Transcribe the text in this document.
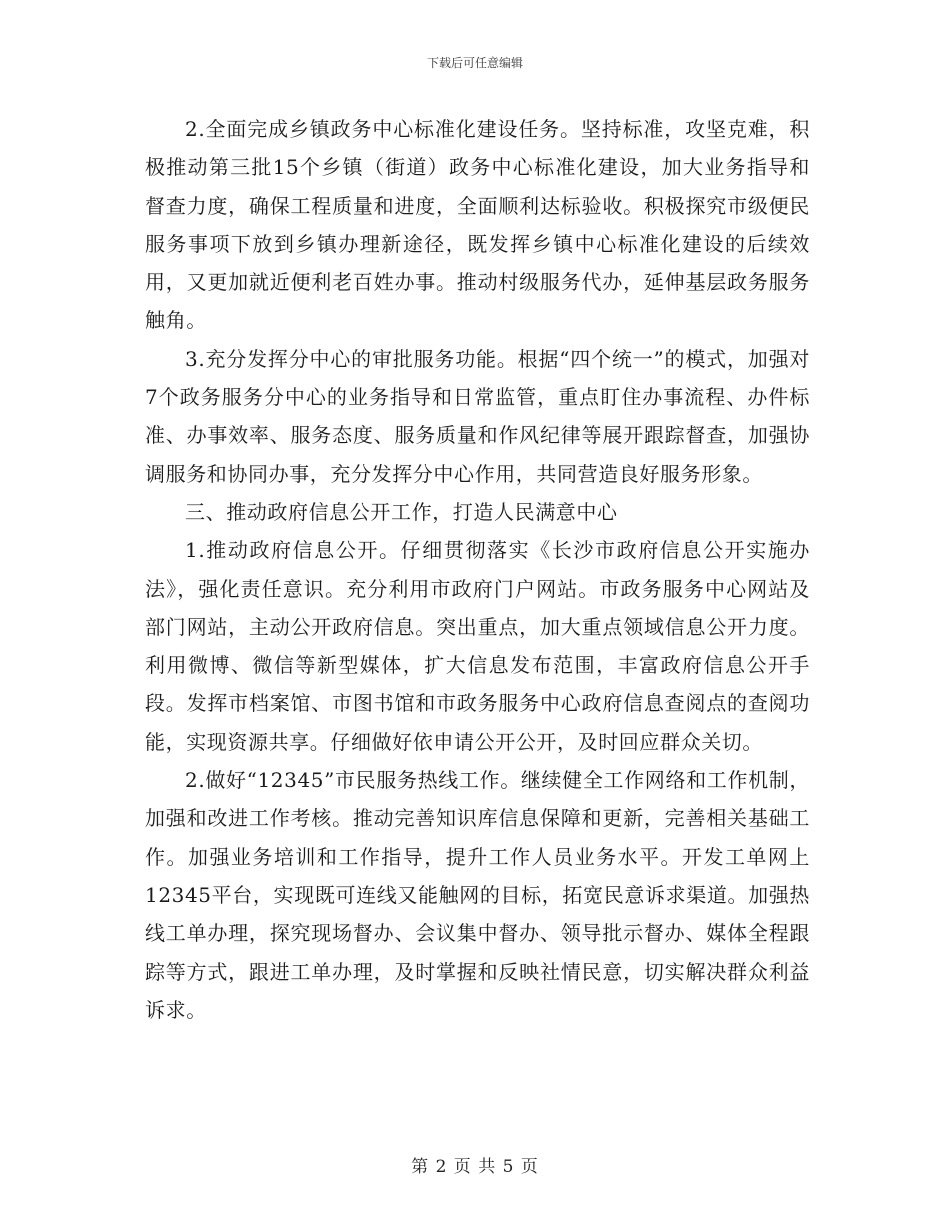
下载后可任意编辑

2.全面完成乡镇政务中心标准化建设任务。坚持标准，攻坚克难，积极推动第三批15个乡镇（街道）政务中心标准化建设，加大业务指导和督查力度，确保工程质量和进度，全面顺利达标验收。积极探究市级便民服务事项下放到乡镇办理新途径，既发挥乡镇中心标准化建设的后续效用，又更加就近便利老百姓办事。推动村级服务代办，延伸基层政务服务触角。

3.充分发挥分中心的审批服务功能。根据“四个统一”的模式，加强对7个政务服务分中心的业务指导和日常监管，重点盯住办事流程、办件标准、办事效率、服务态度、服务质量和作风纪律等展开跟踪督查，加强协调服务和协同办事，充分发挥分中心作用，共同营造良好服务形象。

三、推动政府信息公开工作，打造人民满意中心

1.推动政府信息公开。仔细贯彻落实《长沙市政府信息公开实施办法》，强化责任意识。充分利用市政府门户网站。市政务服务中心网站及部门网站，主动公开政府信息。突出重点，加大重点领域信息公开力度。利用微博、微信等新型媒体，扩大信息发布范围，丰富政府信息公开手段。发挥市档案馆、市图书馆和市政务服务中心政府信息查阅点的查阅功能，实现资源共享。仔细做好依申请公开公开，及时回应群众关切。

2.做好“12345”市民服务热线工作。继续健全工作网络和工作机制，加强和改进工作考核。推动完善知识库信息保障和更新，完善相关基础工作。加强业务培训和工作指导，提升工作人员业务水平。开发工单网上12345平台，实现既可连线又能触网的目标，拓宽民意诉求渠道。加强热线工单办理，探究现场督办、会议集中督办、领导批示督办、媒体全程跟踪等方式，跟进工单办理，及时掌握和反映社情民意，切实解决群众利益诉求。

第 2 页 共 5 页
